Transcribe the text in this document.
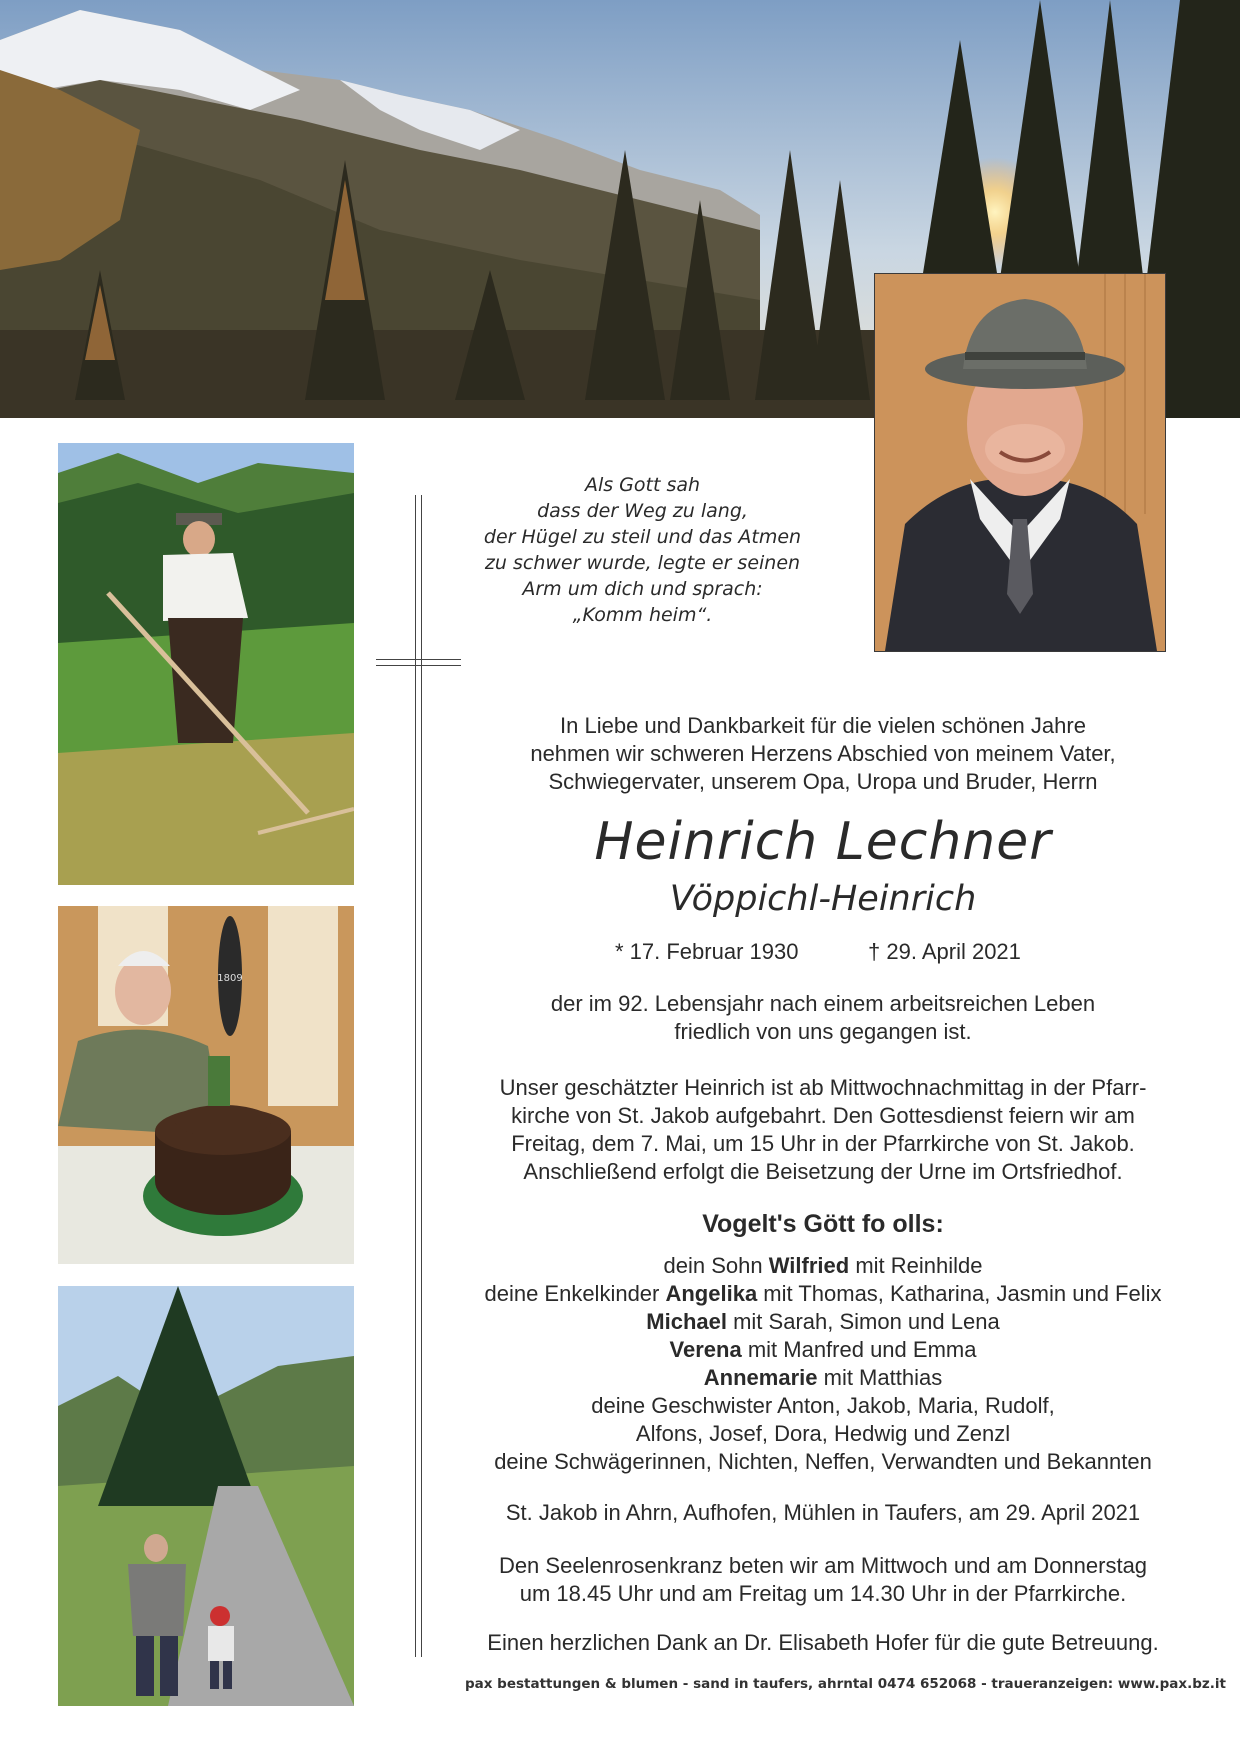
1809
Als Gott sah
dass der Weg zu lang,
der Hügel zu steil und das Atmen
zu schwer wurde, legte er seinen
Arm um dich und sprach:
„Komm heim“.
In Liebe und Dankbarkeit für die vielen schönen Jahre
nehmen wir schweren Herzens Abschied von meinem Vater,
Schwiegervater, unserem Opa, Uropa und Bruder, Herrn
Heinrich Lechner
Vöppichl-Heinrich
* 17. Februar 1930	† 29. April 2021
der im 92. Lebensjahr nach einem arbeitsreichen Leben
friedlich von uns gegangen ist.
Unser geschätzter Heinrich ist ab Mittwochnachmittag in der Pfarr-
kirche von St. Jakob aufgebahrt. Den Gottesdienst feiern wir am
Freitag, dem 7. Mai, um 15 Uhr in der Pfarrkirche von St. Jakob.
Anschließend erfolgt die Beisetzung der Urne im Ortsfriedhof.
Vogelt's Gött fo olls:
dein Sohn Wilfried mit Reinhilde
deine Enkelkinder Angelika mit Thomas, Katharina, Jasmin und Felix
Michael mit Sarah, Simon und Lena
Verena mit Manfred und Emma
Annemarie mit Matthias
deine Geschwister Anton, Jakob, Maria, Rudolf,
Alfons, Josef, Dora, Hedwig und Zenzl
deine Schwägerinnen, Nichten, Neffen, Verwandten und Bekannten
St. Jakob in Ahrn, Aufhofen, Mühlen in Taufers, am 29. April 2021
Den Seelenrosenkranz beten wir am Mittwoch und am Donnerstag
um 18.45 Uhr und am Freitag um 14.30 Uhr in der Pfarrkirche.
Einen herzlichen Dank an Dr. Elisabeth Hofer für die gute Betreuung.
pax bestattungen & blumen - sand in taufers, ahrntal 0474 652068 - traueranzeigen: www.pax.bz.it
